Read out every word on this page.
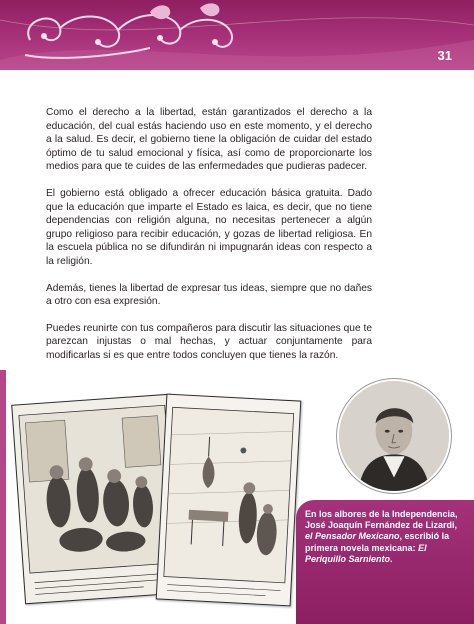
31

Como el derecho a la libertad, están garantizados el derecho a la educación, del cual estás haciendo uso en este momento, y el derecho a la salud. Es decir, el gobierno tiene la obligación de cuidar del estado óptimo de tu salud emocional y física, así como de proporcionarte los medios para que te cuides de las enfermedades que pudieras padecer.

El gobierno está obligado a ofrecer educación básica gratuita. Dado que la educación que imparte el Estado es laica, es decir, que no tiene dependencias con religión alguna, no necesitas pertenecer a algún grupo religioso para recibir educación, y gozas de libertad religiosa. En la escuela pública no se difundirán ni impugnarán ideas con respecto a la religión.

Además, tienes la libertad de expresar tus ideas, siempre que no dañes a otro con esa expresión.

Puedes reunirte con tus compañeros para discutir las situaciones que te parezcan injustas o mal hechas, y actuar conjuntamente para modificarlas si es que entre todos concluyen que tienes la razón.

En los albores de la Independencia, José Joaquín Fernández de Lizardi, el Pensador Mexicano, escribió la primera novela mexicana: El Periquillo Sarniento.
